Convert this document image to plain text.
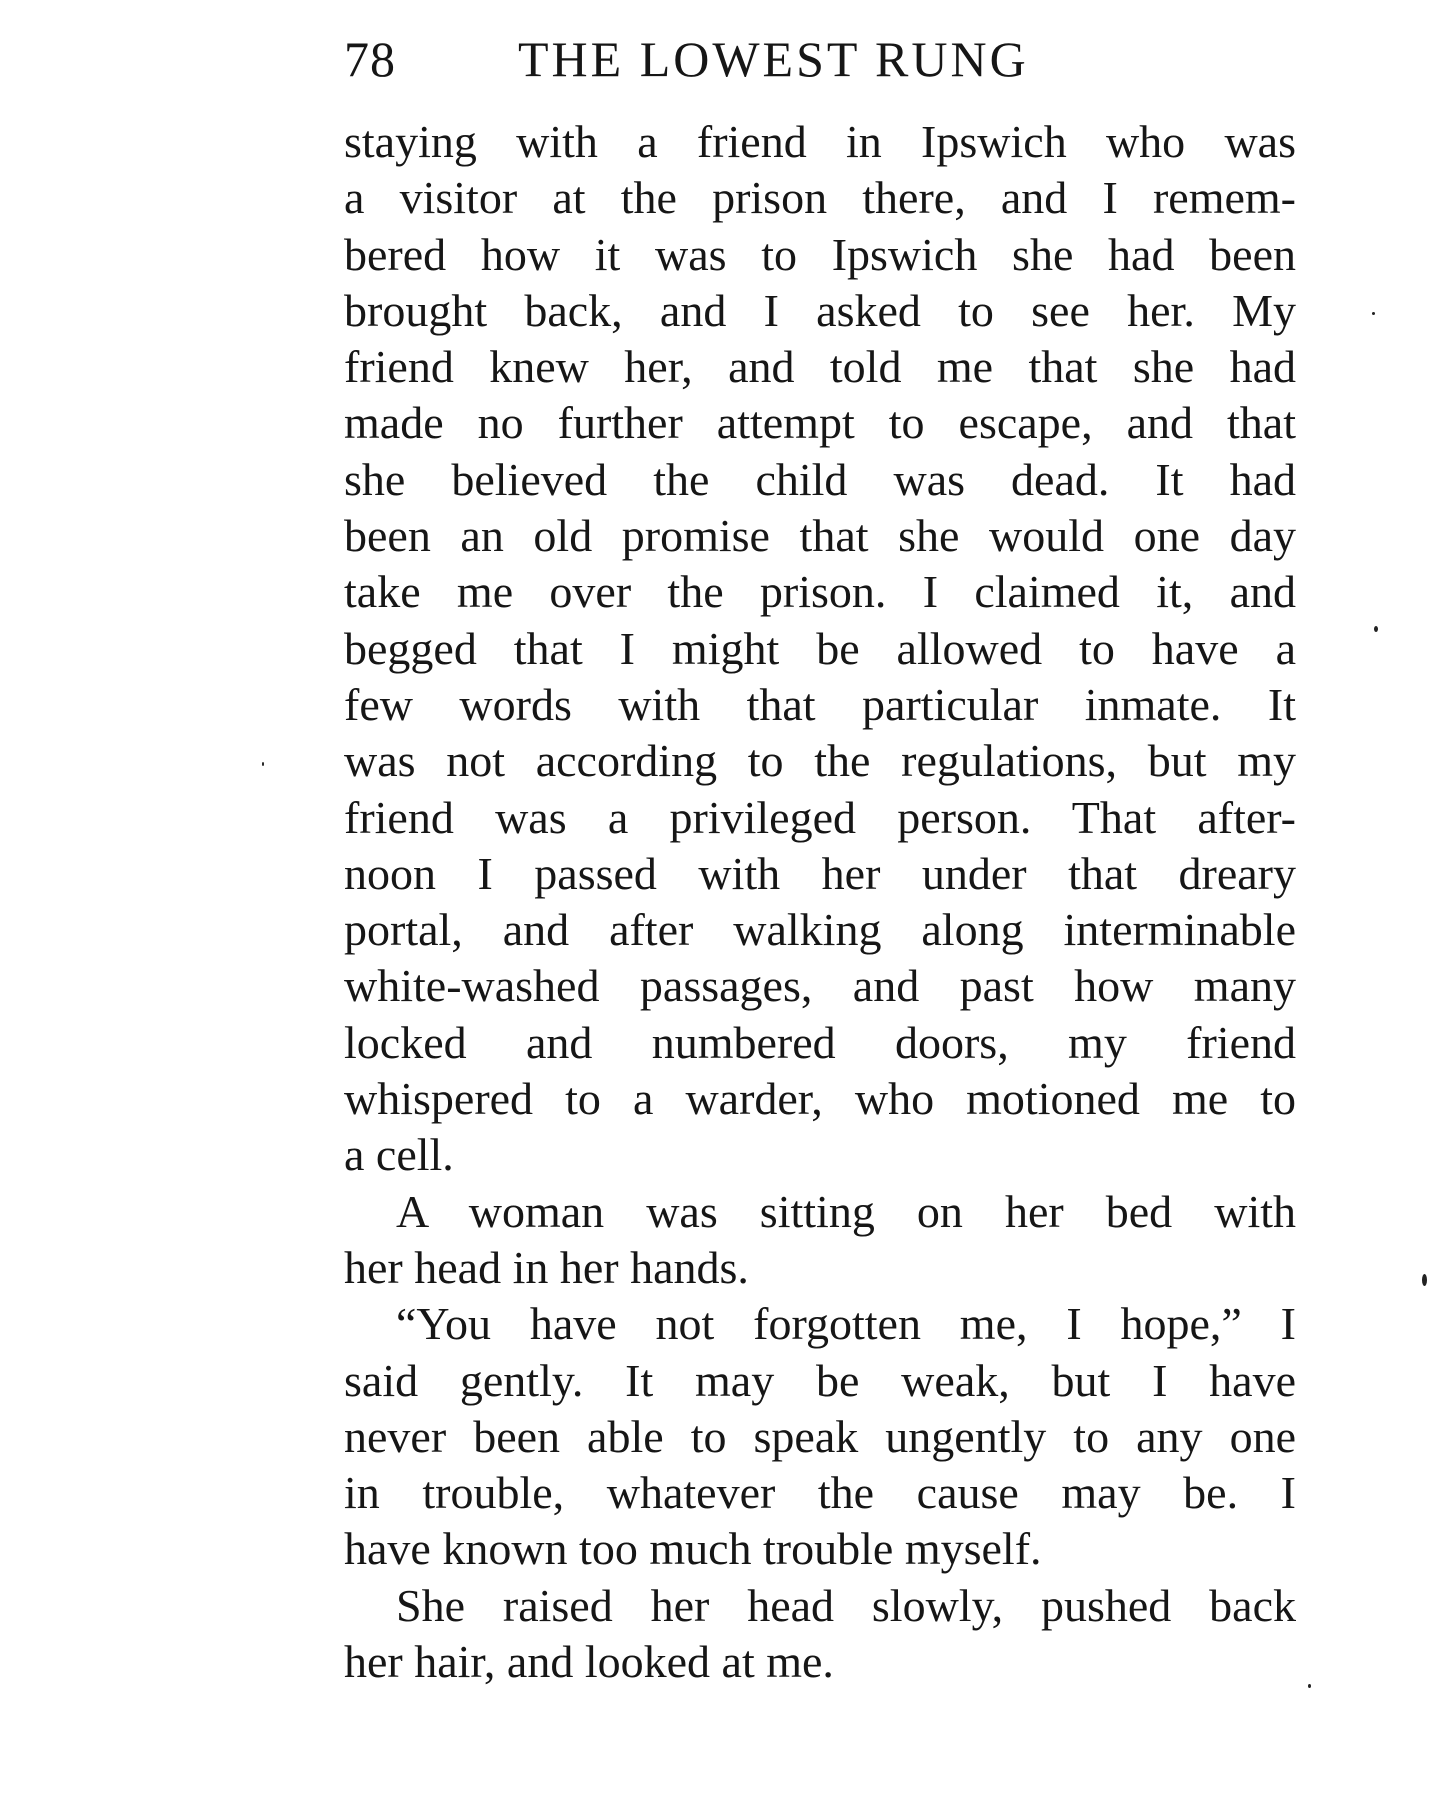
78 THE LOWEST RUNG
staying with a friend in Ipswich who was
a visitor at the prison there, and I remem-
bered how it was to Ipswich she had been
brought back, and I asked to see her. My
friend knew her, and told me that she had
made no further attempt to escape, and that
she believed the child was dead. It had
been an old promise that she would one day
take me over the prison. I claimed it, and
begged that I might be allowed to have a
few words with that particular inmate. It
was not according to the regulations, but my
friend was a privileged person. That after-
noon I passed with her under that dreary
portal, and after walking along interminable
white-washed passages, and past how many
locked and numbered doors, my friend
whispered to a warder, who motioned me to
a cell.
A woman was sitting on her bed with
her head in her hands.
“You have not forgotten me, I hope,” I
said gently. It may be weak, but I have
never been able to speak ungently to any one
in trouble, whatever the cause may be. I
have known too much trouble myself.
She raised her head slowly, pushed back
her hair, and looked at me.
